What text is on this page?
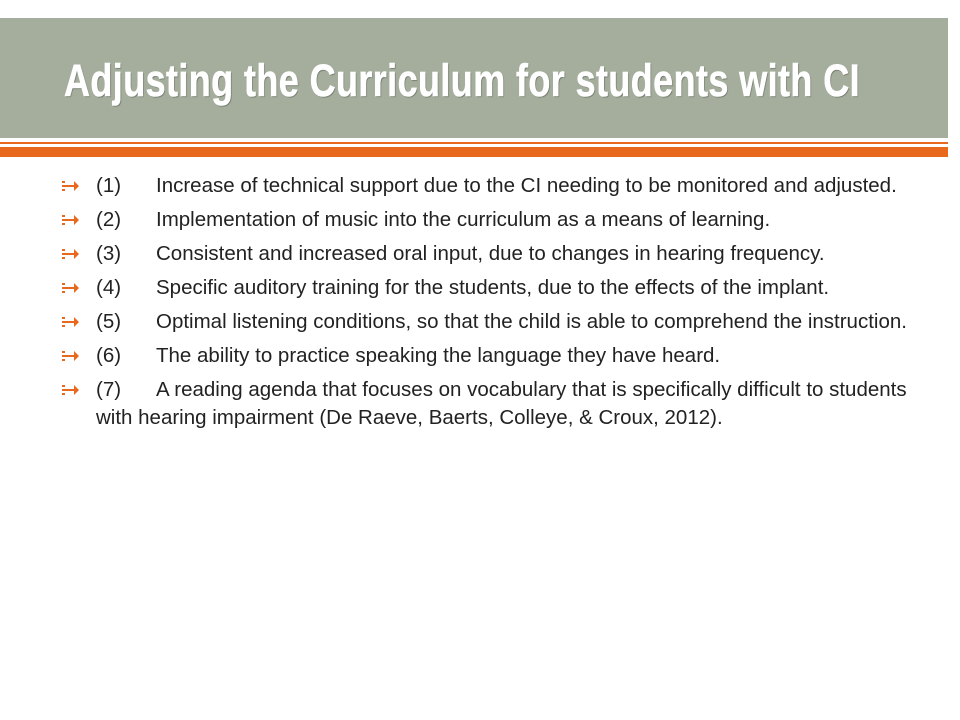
Adjusting the Curriculum for students with CI
(1) Increase of technical support due to the CI needing to be monitored and adjusted.
(2) Implementation of music into the curriculum as a means of learning.
(3) Consistent and increased oral input, due to changes in hearing frequency.
(4) Specific auditory training for the students, due to the effects of the implant.
(5) Optimal listening conditions, so that the child is able to comprehend the instruction.
(6) The ability to practice speaking the language they have heard.
(7) A reading agenda that focuses on vocabulary that is specifically difficult to students with hearing impairment (De Raeve, Baerts, Colleye, & Croux, 2012).
